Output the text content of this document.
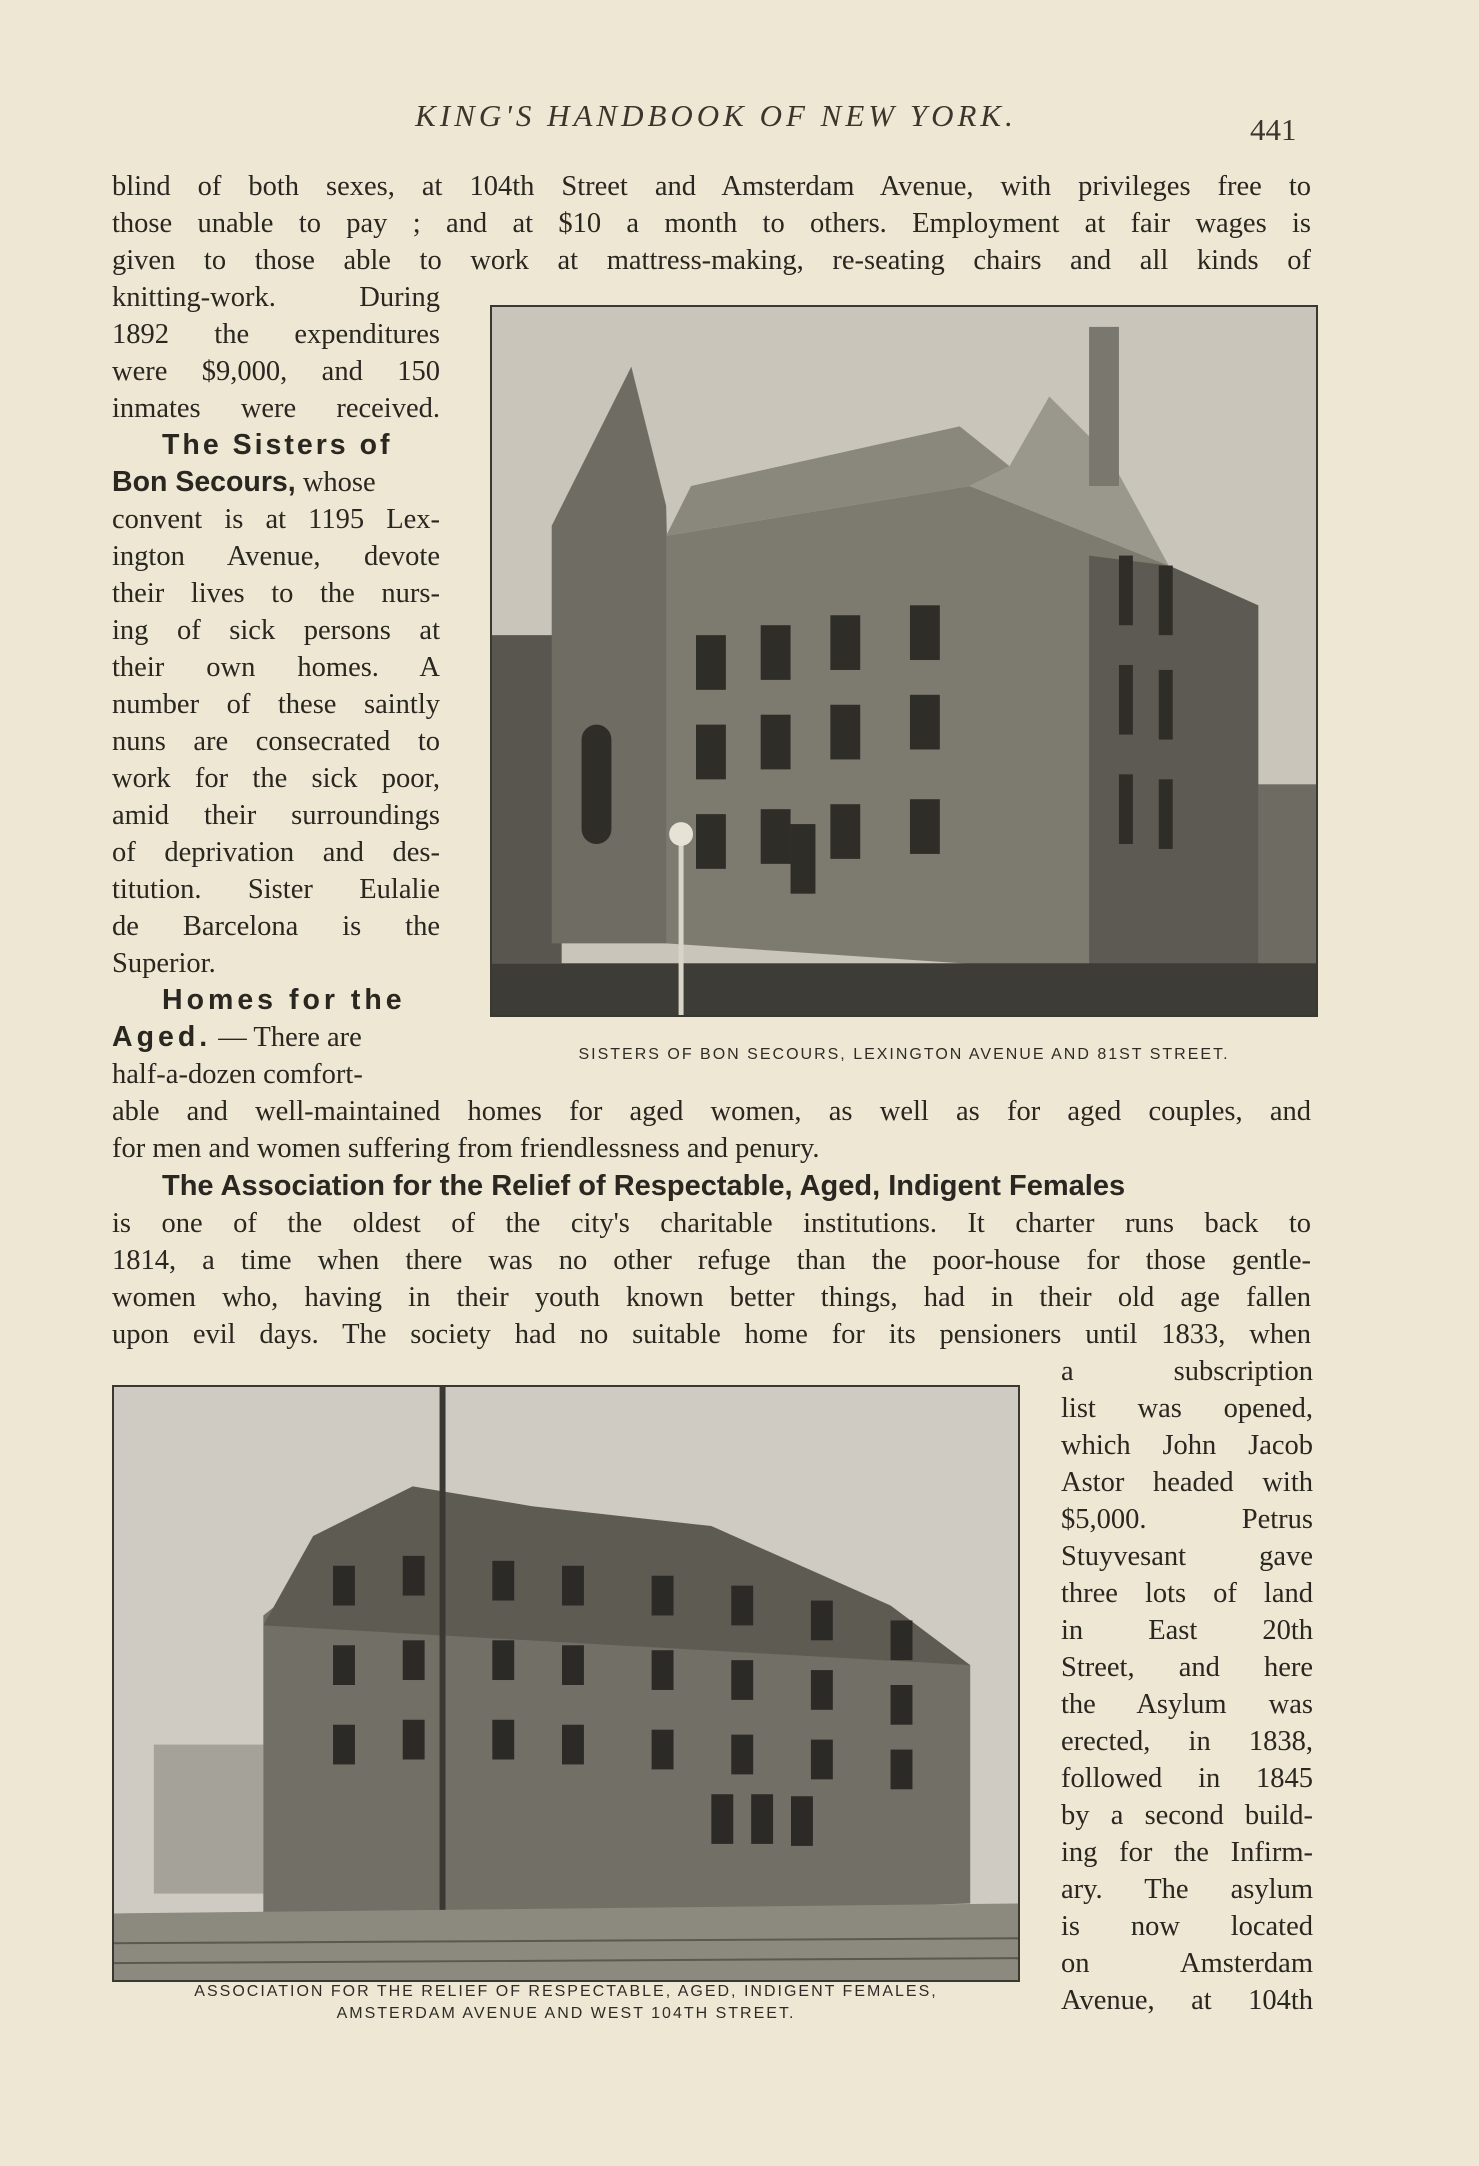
KING'S HANDBOOK OF NEW YORK.	441
blind of both sexes, at 104th Street and Amsterdam Avenue, with privileges free to
those unable to pay ; and at $10 a month to others. Employment at fair wages is
given to those able to work at mattress-making, re-seating chairs and all kinds of
knitting-work. During
1892 the expenditures
were $9,000, and 150
inmates were received.
The Sisters of
Bon Secours, whose
convent is at 1195 Lex-
ington Avenue, devote
their lives to the nurs-
ing of sick persons at
their own homes. A
number of these saintly
nuns are consecrated to
work for the sick poor,
amid their surroundings
of deprivation and des-
titution. Sister Eulalie
de Barcelona is the
Superior.
Homes for the
Aged. — There are
half-a-dozen comfort-
SISTERS OF BON SECOURS, LEXINGTON AVENUE AND 81ST STREET.
able and well-maintained homes for aged women, as well as for aged couples, and
for men and women suffering from friendlessness and penury.
The Association for the Relief of Respectable, Aged, Indigent Females
is one of the oldest of the city's charitable institutions. It charter runs back to
1814, a time when there was no other refuge than the poor-house for those gentle-
women who, having in their youth known better things, had in their old age fallen
upon evil days. The society had no suitable home for its pensioners until 1833, when
ASSOCIATION FOR THE RELIEF OF RESPECTABLE, AGED, INDIGENT FEMALES,
AMSTERDAM AVENUE AND WEST 104TH STREET.
a subscription
list was opened,
which John Jacob
Astor headed with
$5,000. Petrus
Stuyvesant gave
three lots of land
in East 20th
Street, and here
the Asylum was
erected, in 1838,
followed in 1845
by a second build-
ing for the Infirm-
ary. The asylum
is now located
on Amsterdam
Avenue, at 104th
